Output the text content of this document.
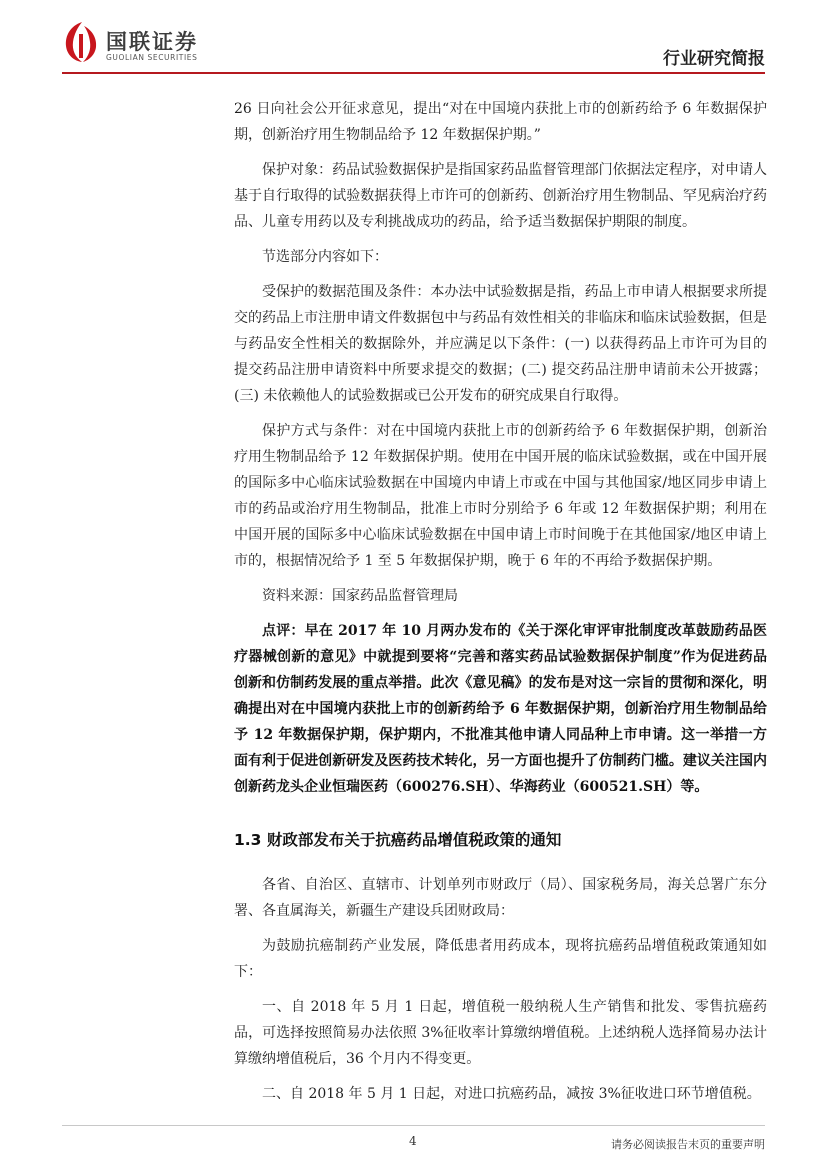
国联证券
GUOLIAN SECURITIES	行业研究简报

26 日向社会公开征求意见，提出“对在中国境内获批上市的创新药给予 6 年数据保护期，创新治疗用生物制品给予 12 年数据保护期。”

保护对象：药品试验数据保护是指国家药品监督管理部门依据法定程序，对申请人基于自行取得的试验数据获得上市许可的创新药、创新治疗用生物制品、罕见病治疗药品、儿童专用药以及专利挑战成功的药品，给予适当数据保护期限的制度。

节选部分内容如下：

受保护的数据范围及条件：本办法中试验数据是指，药品上市申请人根据要求所提交的药品上市注册申请文件数据包中与药品有效性相关的非临床和临床试验数据，但是与药品安全性相关的数据除外，并应满足以下条件：(一) 以获得药品上市许可为目的提交药品注册申请资料中所要求提交的数据；(二) 提交药品注册申请前未公开披露；(三) 未依赖他人的试验数据或已公开发布的研究成果自行取得。

保护方式与条件：对在中国境内获批上市的创新药给予 6 年数据保护期，创新治疗用生物制品给予 12 年数据保护期。使用在中国开展的临床试验数据，或在中国开展的国际多中心临床试验数据在中国境内申请上市或在中国与其他国家/地区同步申请上市的药品或治疗用生物制品，批准上市时分别给予 6 年或 12 年数据保护期；利用在中国开展的国际多中心临床试验数据在中国申请上市时间晚于在其他国家/地区申请上市的，根据情况给予 1 至 5 年数据保护期，晚于 6 年的不再给予数据保护期。

资料来源：国家药品监督管理局

点评：早在 2017 年 10 月两办发布的《关于深化审评审批制度改革鼓励药品医疗器械创新的意见》中就提到要将“完善和落实药品试验数据保护制度”作为促进药品创新和仿制药发展的重点举措。此次《意见稿》的发布是对这一宗旨的贯彻和深化，明确提出对在中国境内获批上市的创新药给予 6 年数据保护期，创新治疗用生物制品给予 12 年数据保护期，保护期内，不批准其他申请人同品种上市申请。这一举措一方面有利于促进创新研发及医药技术转化，另一方面也提升了仿制药门槛。建议关注国内创新药龙头企业恒瑞医药（600276.SH）、华海药业（600521.SH）等。

1.3 财政部发布关于抗癌药品增值税政策的通知

各省、自治区、直辖市、计划单列市财政厅（局）、国家税务局，海关总署广东分署、各直属海关，新疆生产建设兵团财政局：

为鼓励抗癌制药产业发展，降低患者用药成本，现将抗癌药品增值税政策通知如下：

一、自 2018 年 5 月 1 日起，增值税一般纳税人生产销售和批发、零售抗癌药品，可选择按照简易办法依照 3%征收率计算缴纳增值税。上述纳税人选择简易办法计算缴纳增值税后，36 个月内不得变更。

二、自 2018 年 5 月 1 日起，对进口抗癌药品，减按 3%征收进口环节增值税。

4	请务必阅读报告末页的重要声明
